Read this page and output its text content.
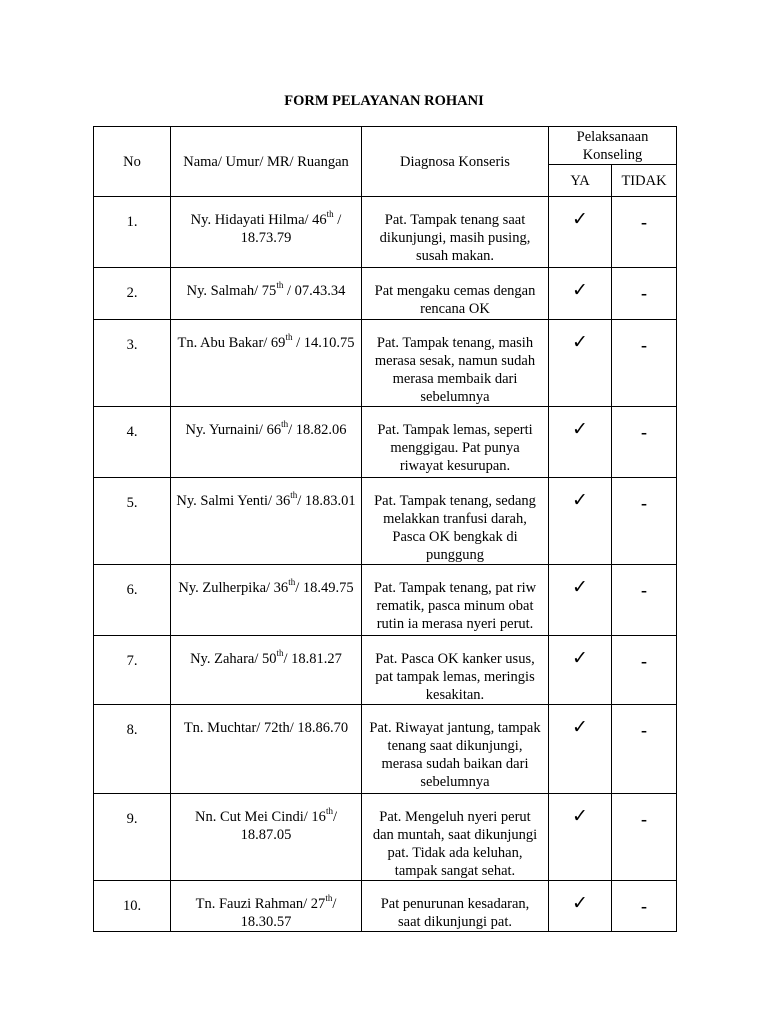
FORM PELAYANAN ROHANI
No	Nama/ Umur/ MR/ Ruangan	Diagnosa Konseris	Pelaksanaan
Konseling	
			YA	TIDAK
1.	Ny. Hidayati Hilma/ 46th / 18.73.79	Pat. Tampak tenang saat dikunjungi, masih pusing, susah makan.	✓	-
2.	Ny. Salmah/ 75th / 07.43.34	Pat mengaku cemas dengan rencana OK	✓	-
3.	Tn. Abu Bakar/ 69th / 14.10.75	Pat. Tampak tenang, masih merasa sesak, namun sudah merasa membaik dari sebelumnya	✓	-
4.	Ny. Yurnaini/ 66th/ 18.82.06	Pat. Tampak lemas, seperti menggigau. Pat punya riwayat kesurupan.	✓	-
5.	Ny. Salmi Yenti/ 36th/ 18.83.01	Pat. Tampak tenang, sedang melakkan tranfusi darah, Pasca OK bengkak di punggung	✓	-
6.	Ny. Zulherpika/ 36th/ 18.49.75	Pat. Tampak tenang, pat riw rematik, pasca minum obat rutin ia merasa nyeri perut.	✓	-
7.	Ny. Zahara/ 50th/ 18.81.27	Pat. Pasca OK kanker usus, pat tampak lemas, meringis kesakitan.	✓	-
8.	Tn. Muchtar/ 72th/ 18.86.70	Pat. Riwayat jantung, tampak tenang saat dikunjungi, merasa sudah baikan dari sebelumnya	✓	-
9.	Nn. Cut Mei Cindi/ 16th/ 18.87.05	Pat. Mengeluh nyeri perut dan muntah, saat dikunjungi pat. Tidak ada keluhan, tampak sangat sehat.	✓	-
10.	Tn. Fauzi Rahman/ 27th/ 18.30.57	Pat penurunan kesadaran, saat dikunjungi pat.	✓	-
